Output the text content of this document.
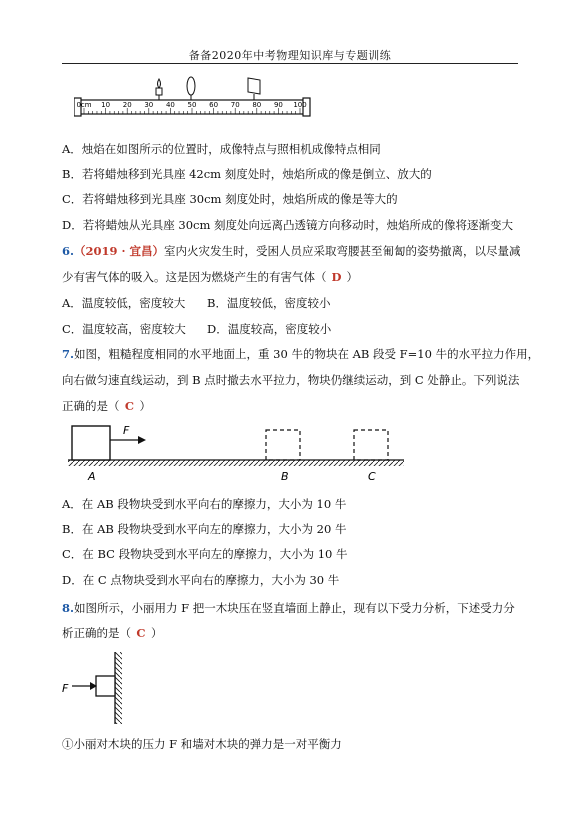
备备2020年中考物理知识库与专题训练
0cm 10 20 30 40 50 60 70 80 90 100
A．烛焰在如图所示的位置时，成像特点与照相机成像特点相同
B．若将蜡烛移到光具座 42cm 刻度处时，烛焰所成的像是倒立、放大的
C．若将蜡烛移到光具座 30cm 刻度处时，烛焰所成的像是等大的
D．若将蜡烛从光具座 30cm 刻度处向远离凸透镜方向移动时，烛焰所成的像将逐渐变大
6.（2019 · 宜昌）室内火灾发生时，受困人员应采取弯腰甚至匍匐的姿势撤离，以尽量减
少有害气体的吸入。这是因为燃烧产生的有害气体（ D ）
A．温度较低，密度较大 B．温度较低，密度较小
C．温度较高，密度较大 D．温度较高，密度较小
7.如图，粗糙程度相同的水平地面上，重 30 牛的物块在 AB 段受 F=10 牛的水平拉力作用，
向右做匀速直线运动，到 B 点时撤去水平拉力，物块仍继续运动，到 C 处静止。下列说法
正确的是（ C ）
F
A	B	C
A．在 AB 段物块受到水平向右的摩擦力，大小为 10 牛
B．在 AB 段物块受到水平向左的摩擦力，大小为 20 牛
C．在 BC 段物块受到水平向左的摩擦力，大小为 10 牛
D．在 C 点物块受到水平向右的摩擦力，大小为 30 牛
8.如图所示，小丽用力 F 把一木块压在竖直墙面上静止，现有以下受力分析，下述受力分
析正确的是（ C ）
F
①小丽对木块的压力 F 和墙对木块的弹力是一对平衡力
